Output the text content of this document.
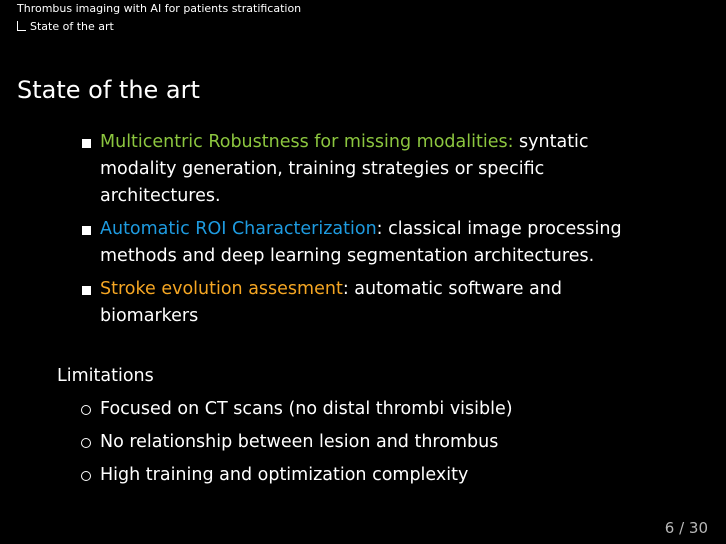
Thrombus imaging with AI for patients stratification
State of the art
State of the art
Multicentric Robustness for missing modalities: syntatic modality generation, training strategies or specific architectures.
Automatic ROI Characterization: classical image processing methods and deep learning segmentation architectures.
Stroke evolution assesment: automatic software and biomarkers
Limitations
Focused on CT scans (no distal thrombi visible)
No relationship between lesion and thrombus
High training and optimization complexity
6 / 30
